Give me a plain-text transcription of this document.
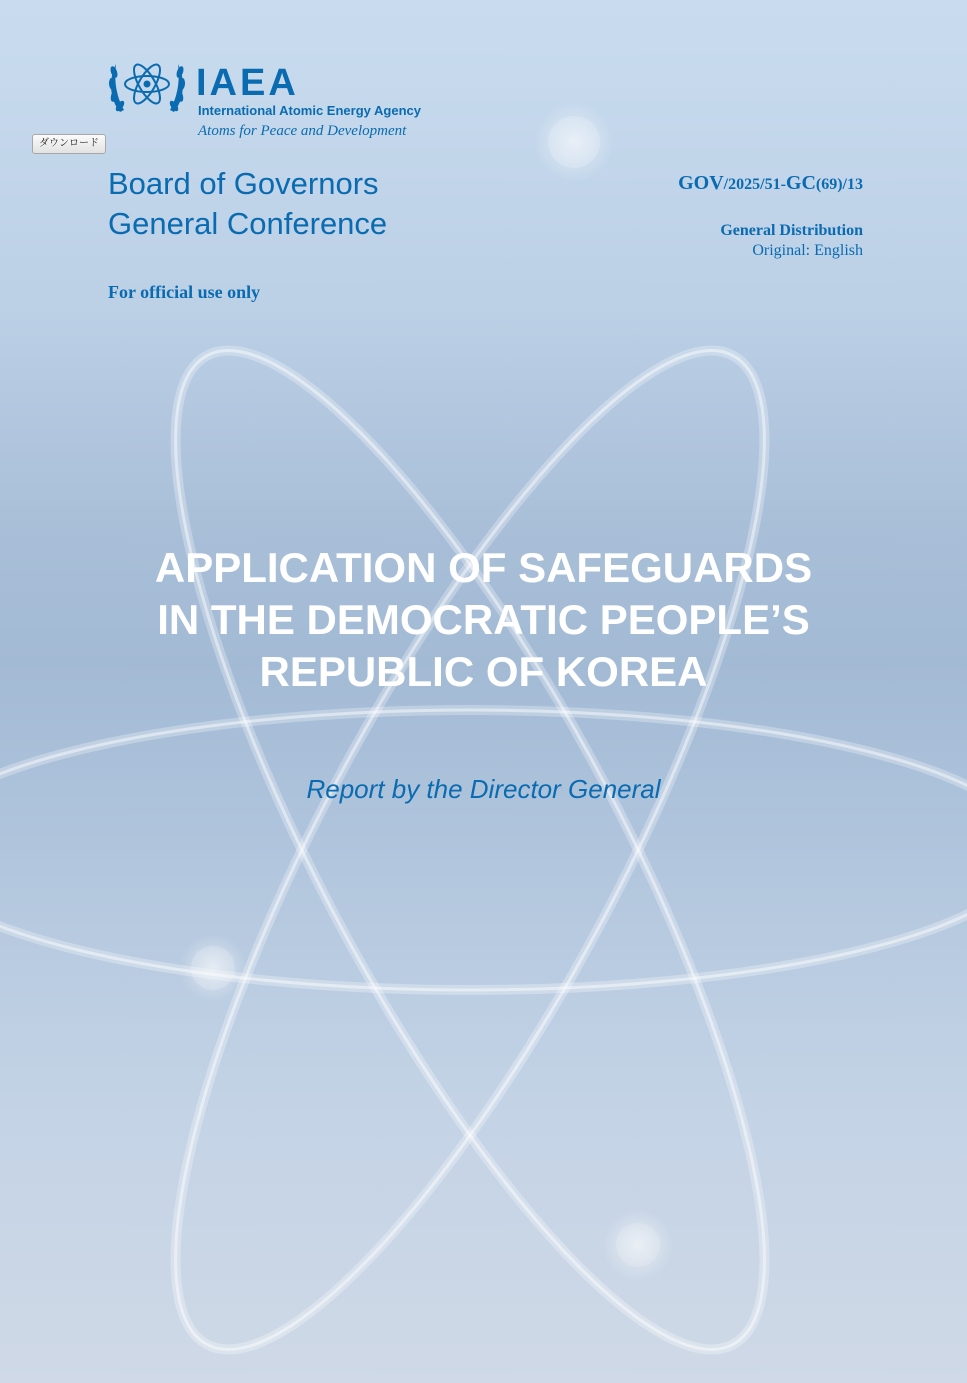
ダウンロード
IAEA
International Atomic Energy Agency
Atoms for Peace and Development
Board of Governors
General Conference
GOV/2025/51-GC(69)/13
General Distribution
Original: English
For official use only
APPLICATION OF SAFEGUARDS
IN THE DEMOCRATIC PEOPLE’S
REPUBLIC OF KOREA
Report by the Director General
